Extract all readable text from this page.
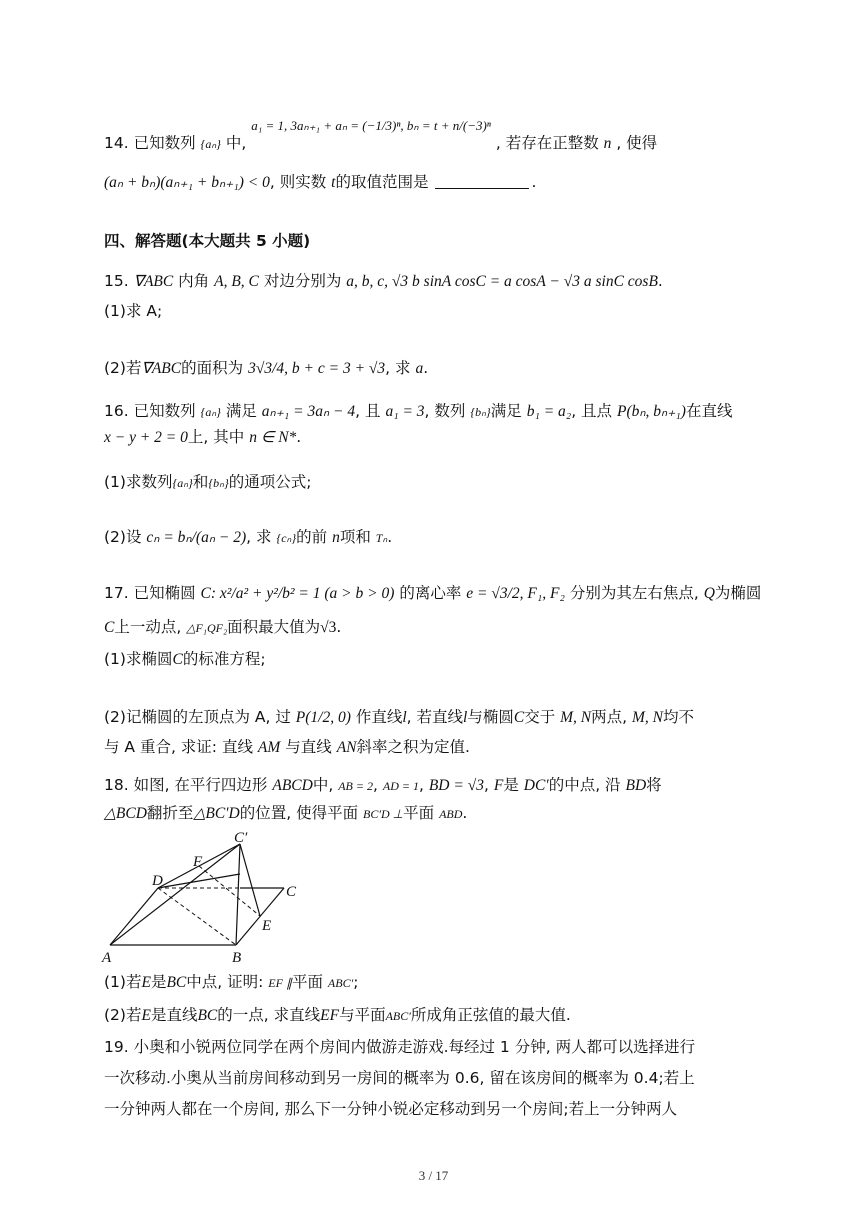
14. 已知数列 {aₙ} 中, $^{a_1 = 1, 3a_{n+1} + a_n = (-1/3)^n, b_n = t + n/(-3)^n}$ , 若存在正整数 n , 使得
(aₙ + bₙ)(aₙ₊₁ + bₙ₊₁) < 0, 则实数 t的取值范围是	.
四、解答题(本大题共 5 小题)
15. ∇ABC 内角 A, B, C 对边分别为 a, b, c, √3 b sinA cosC = a cosA − √3 a sinC cosB.
(1)求 A;
(2)若∇ABC的面积为 3√3/4, b + c = 3 + √3, 求 a.
16. 已知数列 {aₙ} 满足 aₙ₊₁ = 3aₙ − 4, 且 a₁ = 3, 数列 {bₙ}满足 b₁ = a₂, 且点 P(bₙ, bₙ₊₁)在直线
x − y + 2 = 0上, 其中 n ∈ N*.
(1)求数列{aₙ}和{bₙ}的通项公式;
(2)设 cₙ = bₙ/(aₙ − 2), 求 {cₙ}的前 n项和 Tₙ.
17. 已知椭圆 C: x²/a² + y²/b² = 1 (a > b > 0) 的离心率 e = √3/2, F₁, F₂ 分别为其左右焦点, Q为椭圆
C上一动点, △F₁QF₂面积最大值为√3.
(1)求椭圆C的标准方程;
(2)记椭圆的左顶点为 A, 过 P(1/2, 0) 作直线l, 若直线l与椭圆C交于 M, N两点, M, N均不
与 A 重合, 求证: 直线 AM 与直线 AN斜率之积为定值.
18. 如图, 在平行四边形 ABCD中, AB = 2, AD = 1, BD = √3, F是 DC′的中点, 沿 BD将
△BCD翻折至△BC′D的位置, 使得平面 BC′D ⊥平面 ABD.
A	B
C
C′
D
E
F
(1)若E是BC中点, 证明: EF ∥平面 ABC′;
(2)若E是直线BC的一点, 求直线EF与平面ABC′所成角正弦值的最大值.
19. 小奥和小锐两位同学在两个房间内做游走游戏.每经过 1 分钟, 两人都可以选择进行
一次移动.小奥从当前房间移动到另一房间的概率为 0.6, 留在该房间的概率为 0.4;若上
一分钟两人都在一个房间, 那么下一分钟小锐必定移动到另一个房间;若上一分钟两人
3 / 17
